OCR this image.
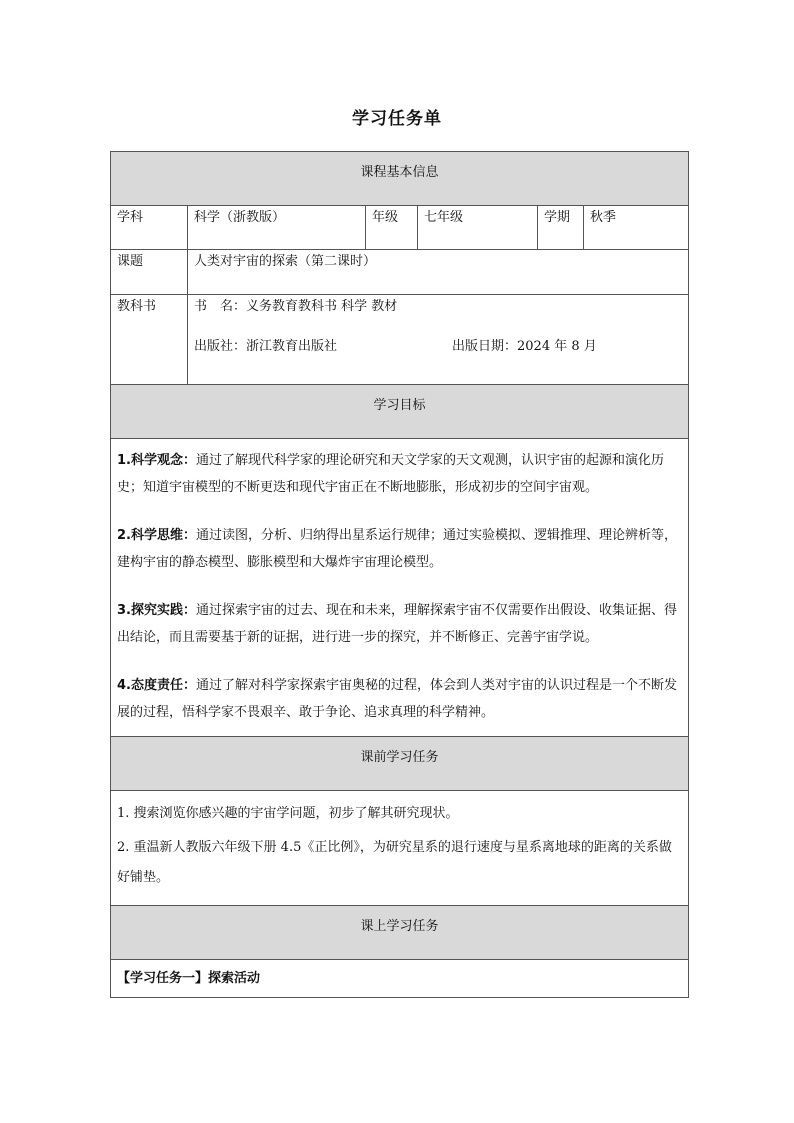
学习任务单
课程基本信息					
学科	科学（浙教版）	年级	七年级	学期	秋季
课题	人类对宇宙的探索（第二课时）				
教科书	书　名： 义务教育教科书 科学 教材
出版社：浙江教育出版社 出版日期：2024 年 8 月				

学习目标					

1.科学观念：通过了解现代科学家的理论研究和天文学家的天文观测，认识宇宙的起源和演化历史；知道宇宙模型的不断更迭和现代宇宙正在不断地膨胀，形成初步的空间宇宙观。
2.科学思维：通过读图，分析、归纳得出星系运行规律；通过实验模拟、逻辑推理、理论辨析等，建构宇宙的静态模型、膨胀模型和大爆炸宇宙理论模型。
3.探究实践：通过探索宇宙的过去、现在和未来，理解探索宇宙不仅需要作出假设、收集证据、得出结论，而且需要基于新的证据，进行进一步的探究，并不断修正、完善宇宙学说。
4.态度责任：通过了解对科学家探索宇宙奥秘的过程，体会到人类对宇宙的认识过程是一个不断发展的过程，悟科学家不畏艰辛、敢于争论、追求真理的科学精神。					

课前学习任务					

1. 搜索浏览你感兴趣的宇宙学问题，初步了解其研究现状。
2. 重温新人教版六年级下册 4.5《正比例》，为研究星系的退行速度与星系离地球的距离的关系做好铺垫。					

课上学习任务					
【学习任务一】探索活动					
